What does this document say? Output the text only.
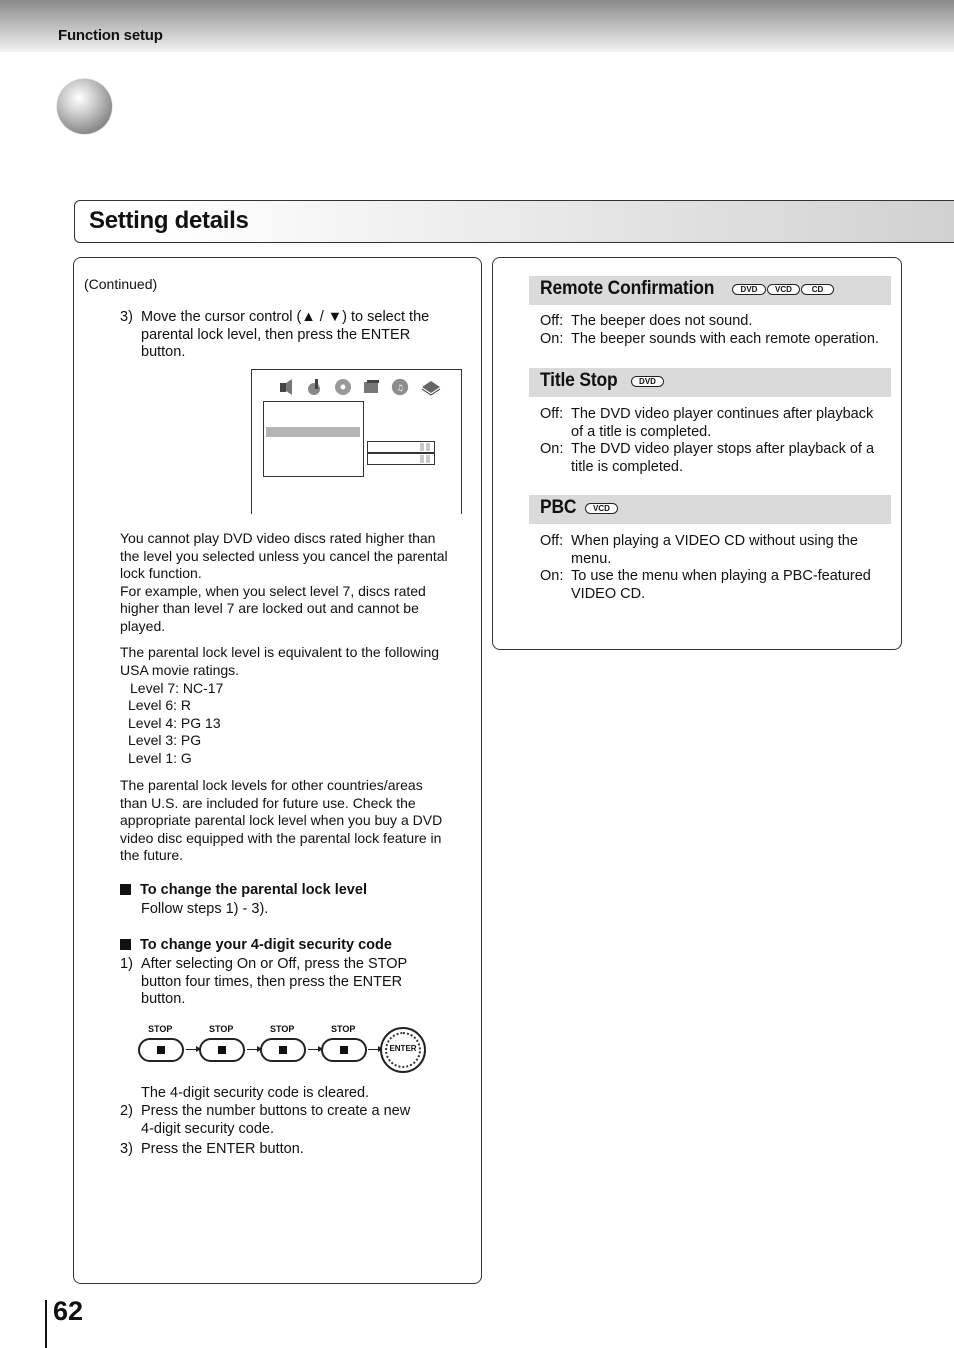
Function setup
Setting details
(Continued)
3) Move the cursor control (▲ / ▼) to select the
parental lock level, then press the ENTER
button.
♫
You cannot play DVD video discs rated higher than
the level you selected unless you cancel the parental
lock function.
For example, when you select level 7, discs rated
higher than level 7 are locked out and cannot be
played.
The parental lock level is equivalent to the following
USA movie ratings.
Level 7: NC-17
Level 6: R
Level 4: PG 13
Level 3: PG
Level 1: G
The parental lock levels for other countries/areas
than U.S. are included for future use. Check the
appropriate parental lock level when you buy a DVD
video disc equipped with the parental lock feature in
the future.
To change the parental lock level
Follow steps 1) - 3).
To change your 4-digit security code
1) After selecting On or Off, press the STOP
button four times, then press the ENTER
button.
STOP	STOP	STOP	STOP
ENTER
The 4-digit security code is cleared.
2) Press the number buttons to create a new
4-digit security code.
3) Press the ENTER button.
Remote Confirmation	DVD	VCD	CD
Off: The beeper does not sound.
On: The beeper sounds with each remote operation.
Title Stop	DVD
Off: The DVD video player continues after playback
of a title is completed.
On: The DVD video player stops after playback of a
title is completed.
PBC	VCD
Off: When playing a VIDEO CD without using the
menu.
On: To use the menu when playing a PBC-featured
VIDEO CD.
62
